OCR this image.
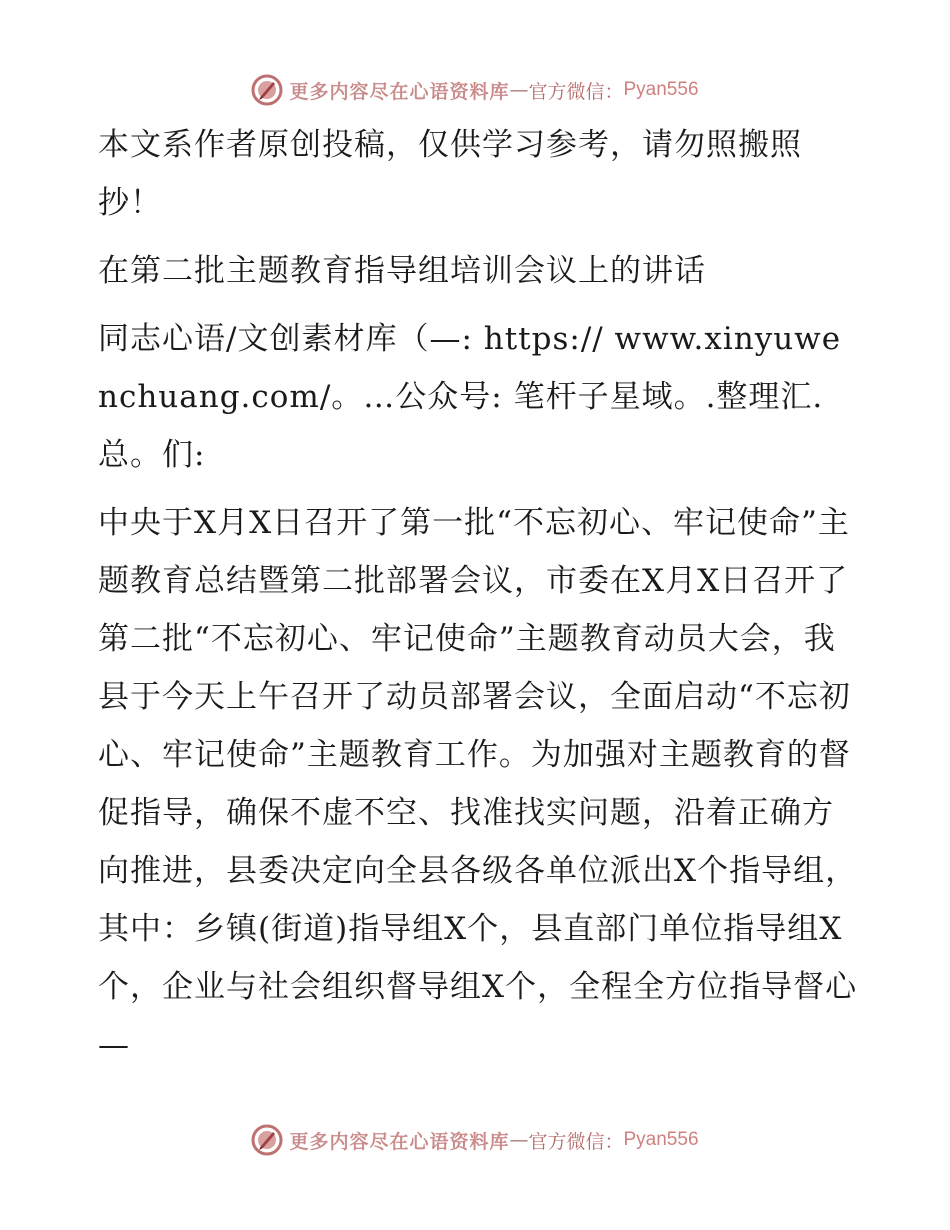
更多内容尽在心语资料库 — 官方微信： Pyan556

本文系作者原创投稿，仅供学习参考，请勿照搬照抄！

在第二批主题教育指导组培训会议上的讲话

同志心语/文创素材库（—: https:// www.xinyuwenchuang.com/。…公众号: 笔杆子星域。.整理汇.总。们:

中央于X月X日召开了第一批“不忘初心、牢记使命”主题教育总结暨第二批部署会议，市委在X月X日召开了第二批“不忘初心、牢记使命”主题教育动员大会，我县于今天上午召开了动员部署会议，全面启动“不忘初心、牢记使命”主题教育工作。为加强对主题教育的督促指导，确保不虚不空、找准找实问题，沿着正确方向推进，县委决定向全县各级各单位派出X个指导组，其中：乡镇(街道)指导组X个，县直部门单位指导组X个，企业与社会组织督导组X个，全程全方位指导督心—

更多内容尽在心语资料库 — 官方微信： Pyan556
